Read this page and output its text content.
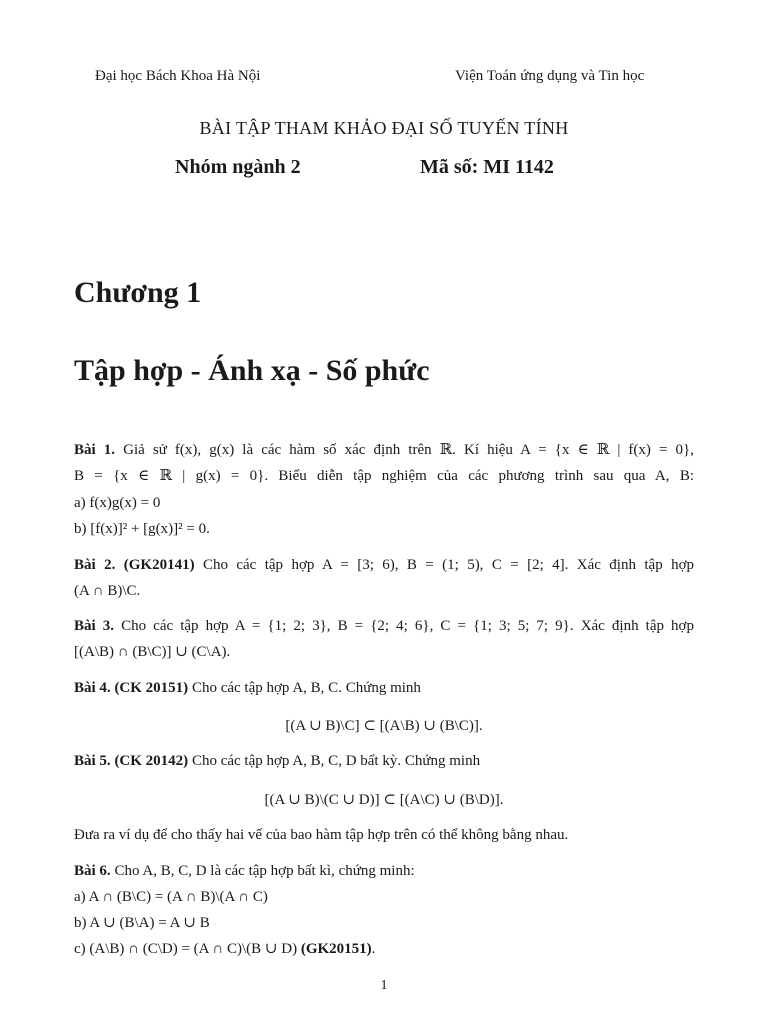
Đại học Bách Khoa Hà Nội	Viện Toán ứng dụng và Tin học
BÀI TẬP THAM KHẢO ĐẠI SỐ TUYẾN TÍNH
Nhóm ngành 2	Mã số: MI 1142
Chương 1
Tập hợp - Ánh xạ - Số phức
Bài 1. Giả sử f(x), g(x) là các hàm số xác định trên ℝ. Kí hiệu A = {x ∈ ℝ | f(x) = 0},
B = {x ∈ ℝ | g(x) = 0}. Biểu diễn tập nghiệm của các phương trình sau qua A, B:
a) f(x)g(x) = 0
b) [f(x)]² + [g(x)]² = 0.
Bài 2. (GK20141) Cho các tập hợp A = [3; 6), B = (1; 5), C = [2; 4]. Xác định tập hợp
(A ∩ B)\C.
Bài 3. Cho các tập hợp A = {1; 2; 3}, B = {2; 4; 6}, C = {1; 3; 5; 7; 9}. Xác định tập hợp
[(A\B) ∩ (B\C)] ∪ (C\A).
Bài 4. (CK 20151) Cho các tập hợp A, B, C. Chứng minh
[(A ∪ B)\C] ⊂ [(A\B) ∪ (B\C)].
Bài 5. (CK 20142) Cho các tập hợp A, B, C, D bất kỳ. Chứng minh
[(A ∪ B)\(C ∪ D)] ⊂ [(A\C) ∪ (B\D)].
Đưa ra ví dụ để cho thấy hai vế của bao hàm tập hợp trên có thể không bằng nhau.
Bài 6. Cho A, B, C, D là các tập hợp bất kì, chứng minh:
a) A ∩ (B\C) = (A ∩ B)\(A ∩ C)
b) A ∪ (B\A) = A ∪ B
c) (A\B) ∩ (C\D) = (A ∩ C)\(B ∪ D) (GK20151).
1
